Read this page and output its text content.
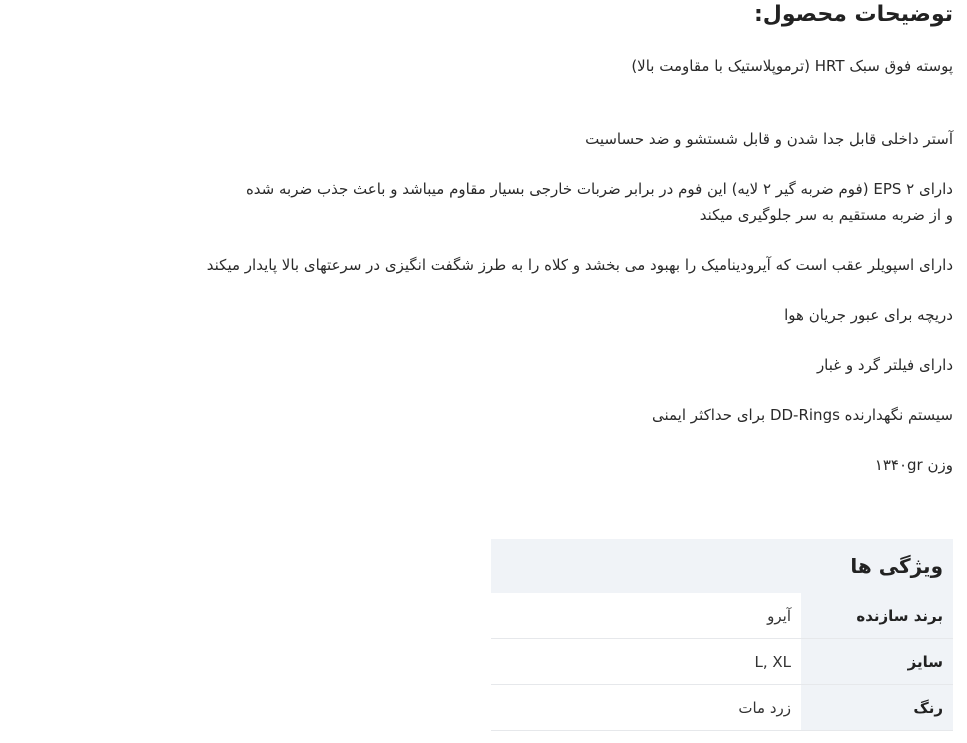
توضیحات محصول:

پوسته فوق سبک HRT (ترموپلاستیک با مقاومت بالا)

آستر داخلی قابل جدا شدن و قابل شستشو و ضد حساسیت

دارای EPS ۲ (فوم ضربه گیر ۲ لایه) این فوم در برابر ضربات خارجی بسیار مقاوم میباشد و باعث جذب ضربه شده

و از ضربه مستقیم به سر جلوگیری میکند

دارای اسپویلر عقب است که آیرودینامیک را بهبود می بخشد و کلاه را به طرز شگفت انگیزی در سرعتهای بالا پایدار میکند

دریچه برای عبور جریان هوا

دارای فیلتر گرد و غبار

سیستم نگهدارنده DD-Rings برای حداکثر ایمنی

وزن ۱۳۴۰gr

ویژگی ها
برند سازنده
آیرو
سایز
L, XL
رنگ
زرد مات
